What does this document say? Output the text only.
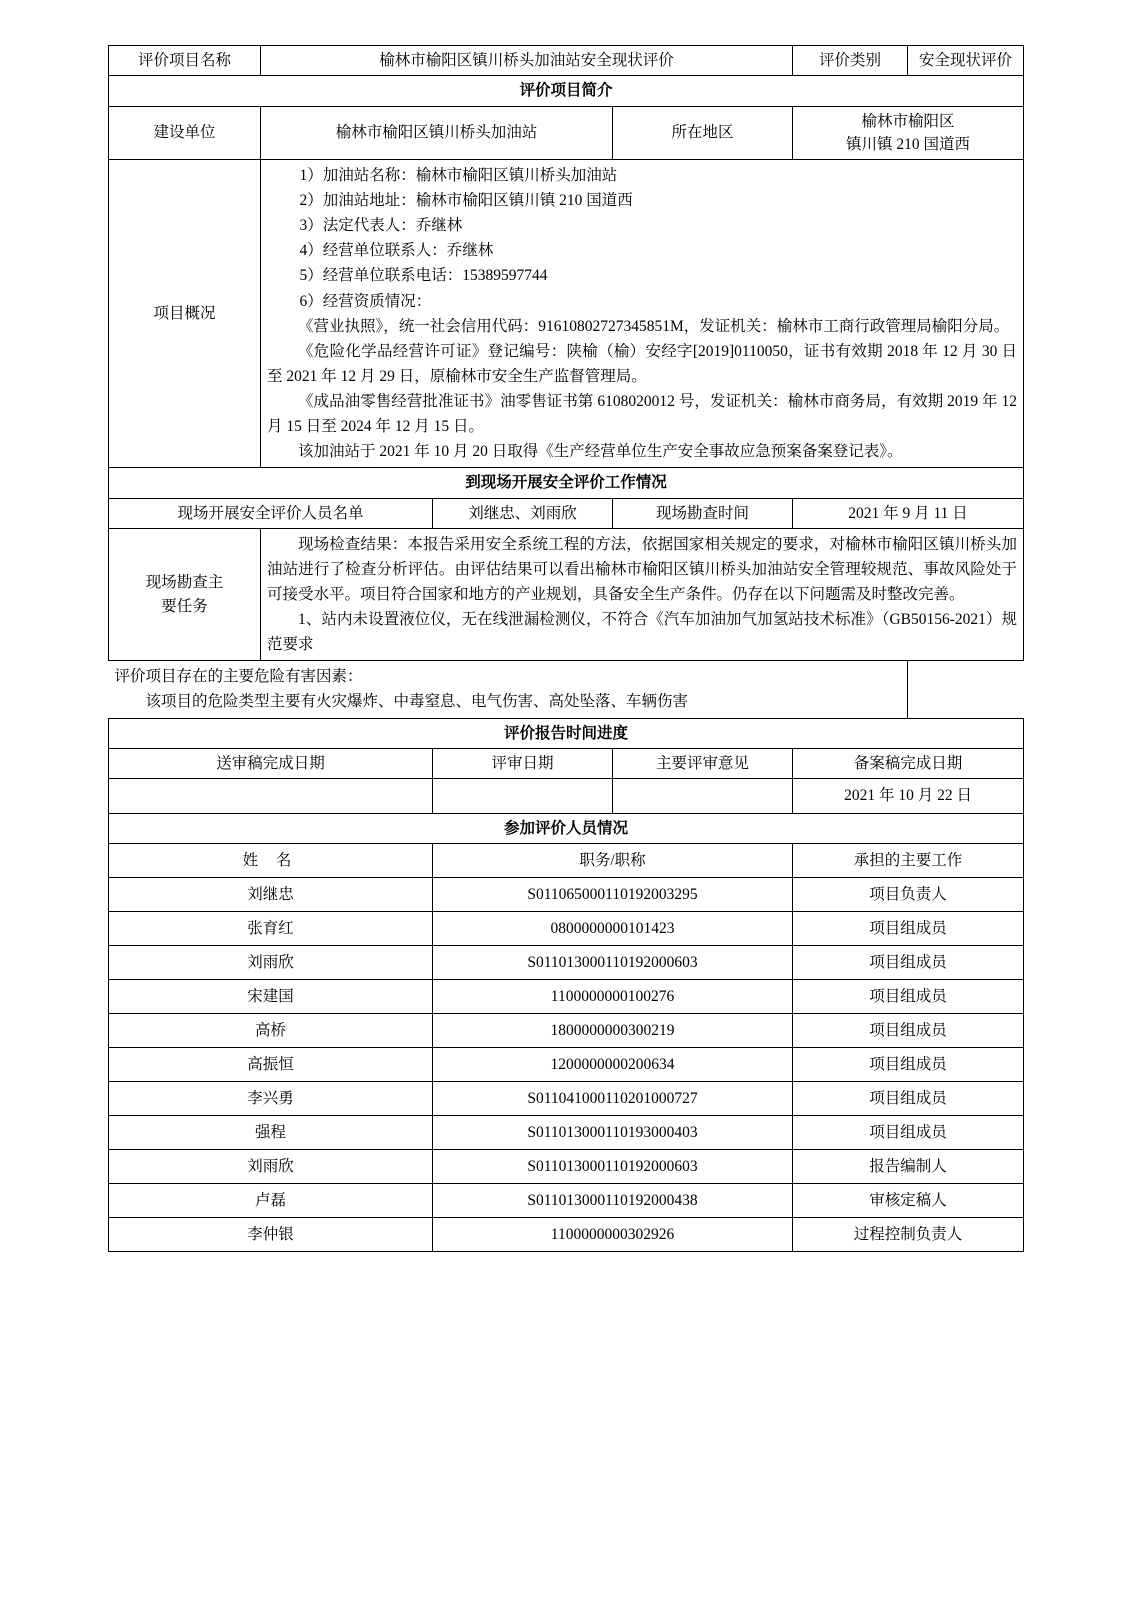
评价项目名称	榆林市榆阳区镇川桥头加油站安全现状评价			评价类别	安全现状评价
评价项目简介					
建设单位	榆林市榆阳区镇川桥头加油站		所在地区	榆林市榆阳区
镇川镇 210 国道西	

项目概况	

1）加油站名称：榆林市榆阳区镇川桥头加油站

2）加油站地址：榆林市榆阳区镇川镇 210 国道西

3）法定代表人：乔继林

4）经营单位联系人：乔继林

5）经营单位联系电话：15389597744

6）经营资质情况：

《营业执照》，统一社会信用代码：91610802727345851M，发证机关：榆林市工商行政管理局榆阳分局。

《危险化学品经营许可证》登记编号：陕榆（榆）安经字[2019]0110050，证书有效期 2018 年 12 月 30 日至 2021 年 12 月 29 日，原榆林市安全生产监督管理局。

《成品油零售经营批准证书》油零售证书第 6108020012 号，发证机关：榆林市商务局，有效期 2019 年 12 月 15 日至 2024 年 12 月 15 日。

该加油站于 2021 年 10 月 20 日取得《生产经营单位生产安全事故应急预案备案登记表》。

到现场开展安全评价工作情况					
现场开展安全评价人员名单		刘继忠、刘雨欣	现场勘查时间	2021 年 9 月 11 日	

现场勘查主
要任务

现场检查结果：本报告采用安全系统工程的方法，依据国家相关规定的要求，对榆林市榆阳区镇川桥头加油站进行了检查分析评估。由评估结果可以看出榆林市榆阳区镇川桥头加油站安全管理较规范、事故风险处于可接受水平。项目符合国家和地方的产业规划，具备安全生产条件。仍存在以下问题需及时整改完善。

1、站内未设置液位仪，无在线泄漏检测仪，不符合《汽车加油加气加氢站技术标准》（GB50156-2021）规范要求

评价项目存在的主要危险有害因素：

该项目的危险类型主要有火灾爆炸、中毒窒息、电气伤害、高处坠落、车辆伤害					

评价报告时间进度					
送审稿完成日期		评审日期	主要评审意见	备案稿完成日期	
				2021 年 10 月 22 日	
参加评价人员情况					
姓 名		职务/职称		承担的主要工作	
刘继忠		S011065000110192003295		项目负责人	
张育红		0800000000101423		项目组成员	
刘雨欣		S011013000110192000603		项目组成员	
宋建国		1100000000100276		项目组成员	
高桥		1800000000300219		项目组成员	
高振恒		1200000000200634		项目组成员	
李兴勇		S011041000110201000727		项目组成员	
强程		S011013000110193000403		项目组成员	
刘雨欣		S011013000110192000603		报告编制人	
卢磊		S011013000110192000438		审核定稿人	
李仲银		1100000000302926		过程控制负责人	
